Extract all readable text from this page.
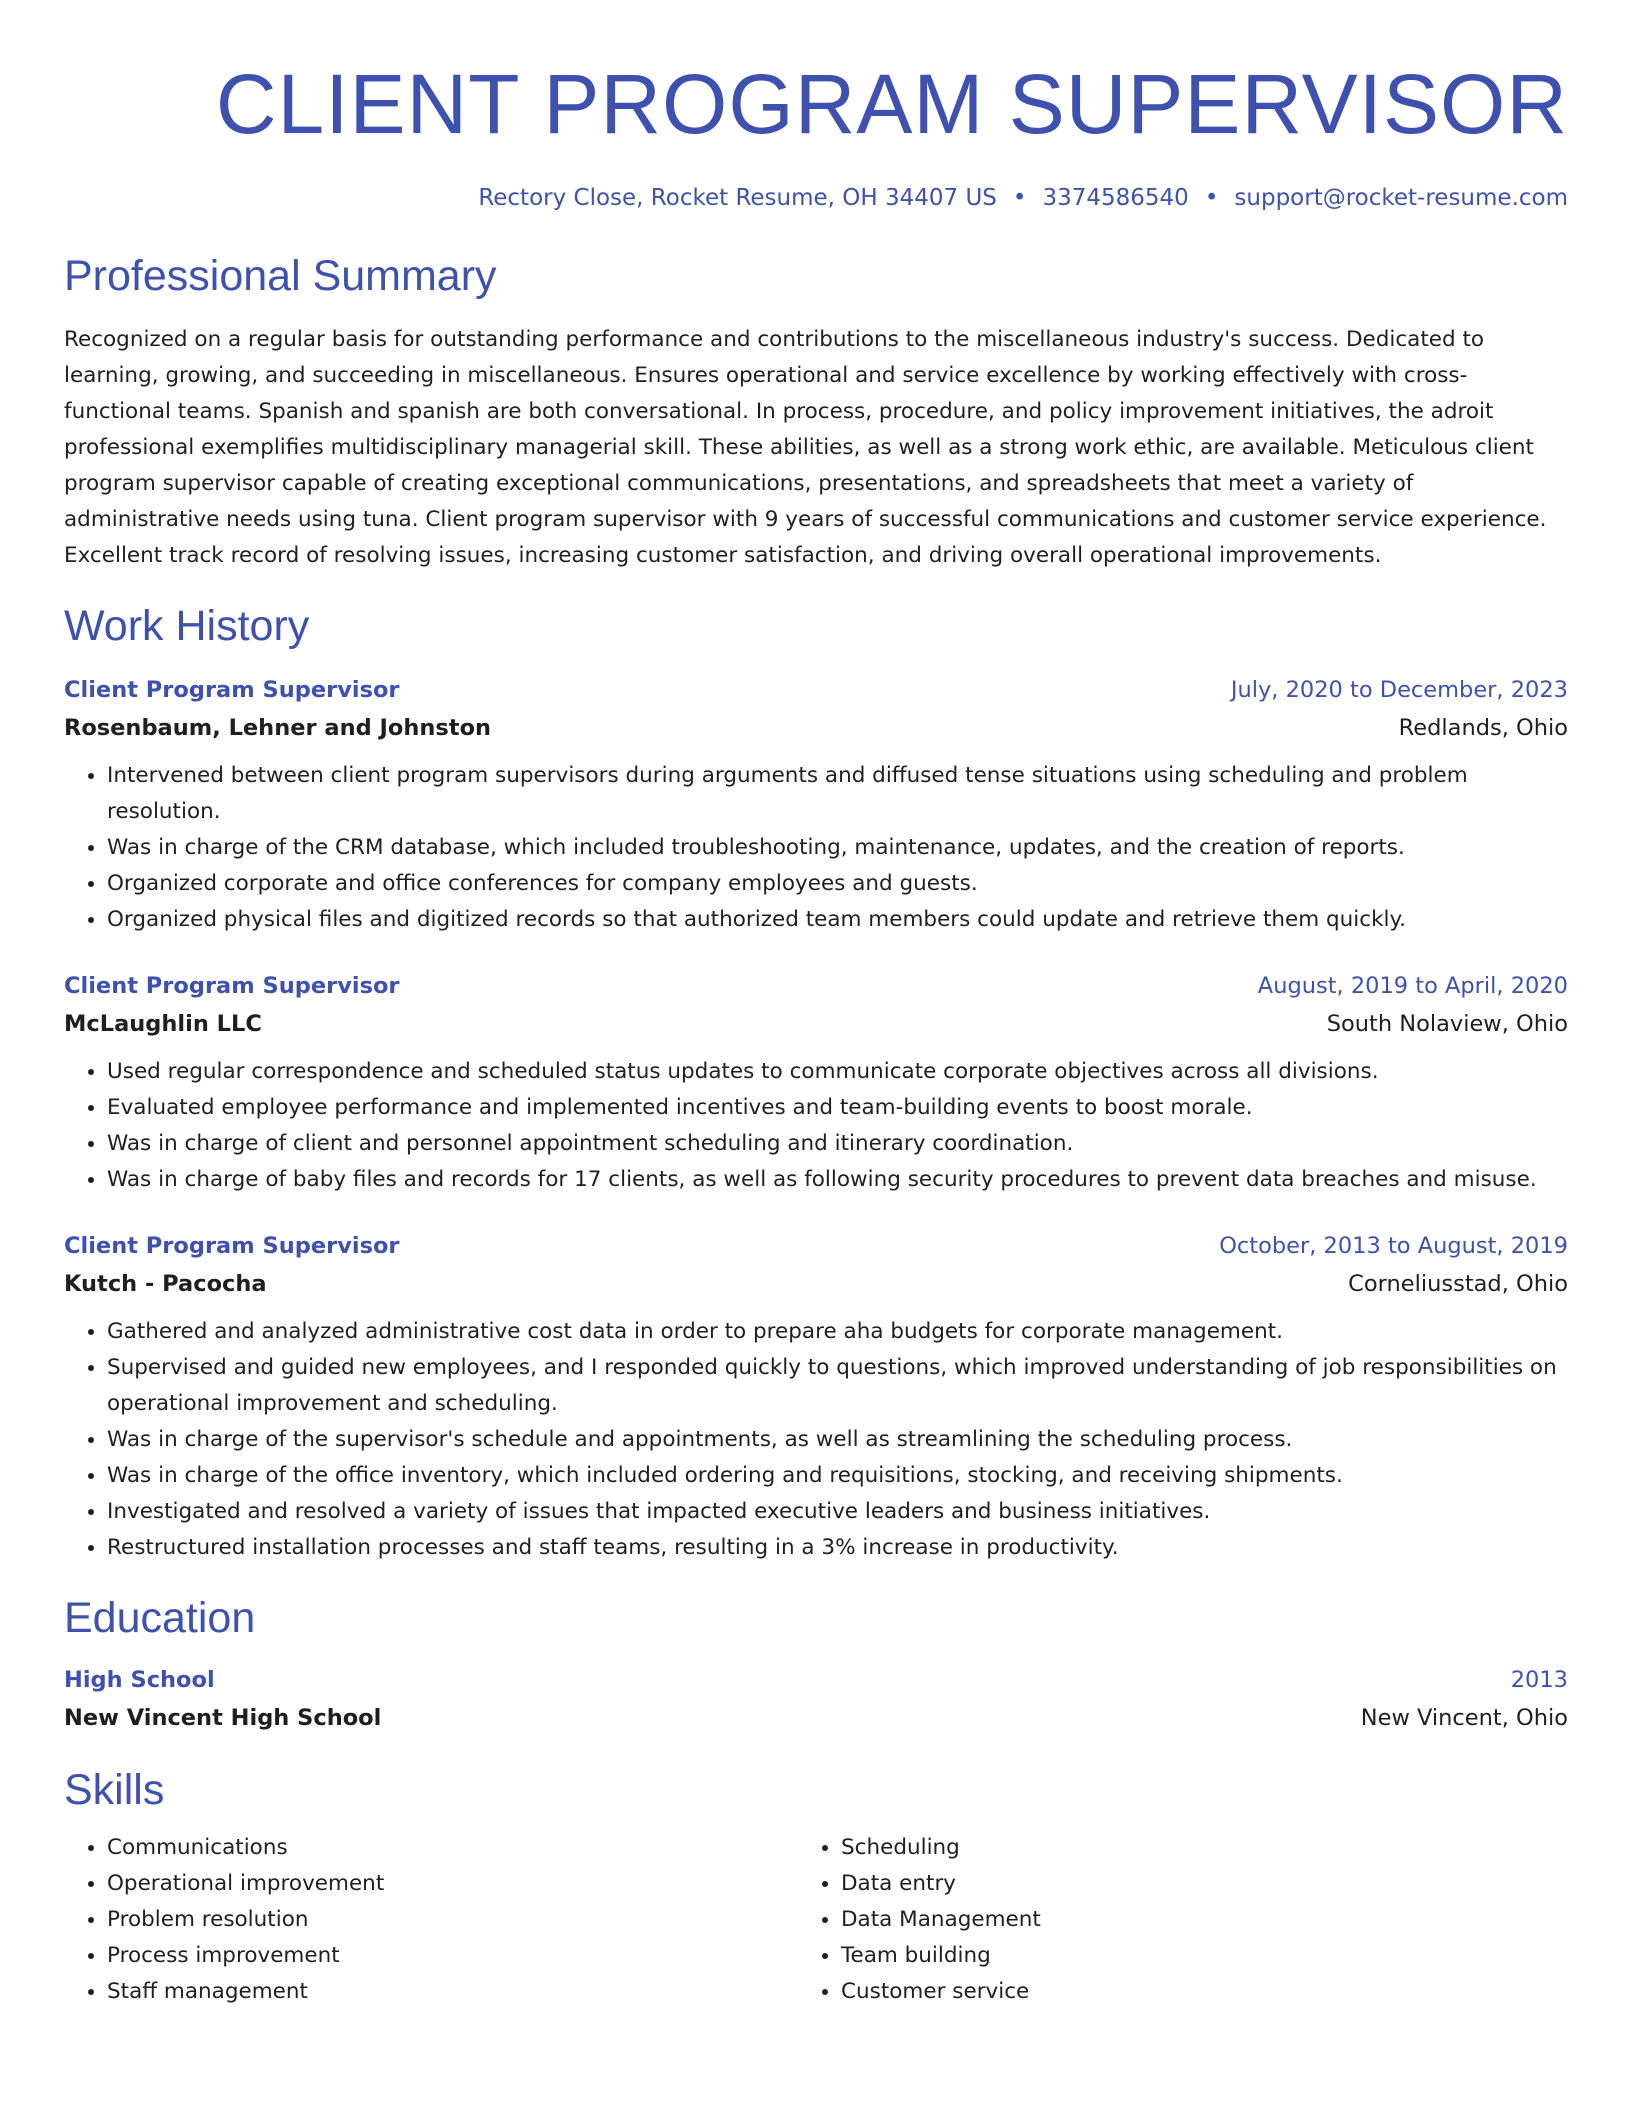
CLIENT PROGRAM SUPERVISOR
Rectory Close, Rocket Resume, OH 34407 US • 3374586540 • support@rocket-resume.com
Professional Summary

Recognized on a regular basis for outstanding performance and contributions to the miscellaneous industry's success. Dedicated to learning, growing, and succeeding in miscellaneous. Ensures operational and service excellence by working effectively with cross-functional teams. Spanish and spanish are both conversational. In process, procedure, and policy improvement initiatives, the adroit professional exemplifies multidisciplinary managerial skill. These abilities, as well as a strong work ethic, are available. Meticulous client program supervisor capable of creating exceptional communications, presentations, and spreadsheets that meet a variety of administrative needs using tuna. Client program supervisor with 9 years of successful communications and customer service experience. Excellent track record of resolving issues, increasing customer satisfaction, and driving overall operational improvements.

Work History
Client Program Supervisor	July, 2020 to December, 2023
Rosenbaum, Lehner and Johnston	Redlands, Ohio
• Intervened between client program supervisors during arguments and diffused tense situations using scheduling and problem resolution.
• Was in charge of the CRM database, which included troubleshooting, maintenance, updates, and the creation of reports.
• Organized corporate and office conferences for company employees and guests.
• Organized physical files and digitized records so that authorized team members could update and retrieve them quickly.
Client Program Supervisor	August, 2019 to April, 2020
McLaughlin LLC	South Nolaview, Ohio
• Used regular correspondence and scheduled status updates to communicate corporate objectives across all divisions.
• Evaluated employee performance and implemented incentives and team-building events to boost morale.
• Was in charge of client and personnel appointment scheduling and itinerary coordination.
• Was in charge of baby files and records for 17 clients, as well as following security procedures to prevent data breaches and misuse.
Client Program Supervisor	October, 2013 to August, 2019
Kutch - Pacocha	Corneliusstad, Ohio
• Gathered and analyzed administrative cost data in order to prepare aha budgets for corporate management.
• Supervised and guided new employees, and I responded quickly to questions, which improved understanding of job responsibilities on operational improvement and scheduling.
• Was in charge of the supervisor's schedule and appointments, as well as streamlining the scheduling process.
• Was in charge of the office inventory, which included ordering and requisitions, stocking, and receiving shipments.
• Investigated and resolved a variety of issues that impacted executive leaders and business initiatives.
• Restructured installation processes and staff teams, resulting in a 3% increase in productivity.
Education
High School	2013
New Vincent High School	New Vincent, Ohio
Skills
• Communications
• Operational improvement
• Problem resolution
• Process improvement
• Staff management
• Scheduling
• Data entry
• Data Management
• Team building
• Customer service
